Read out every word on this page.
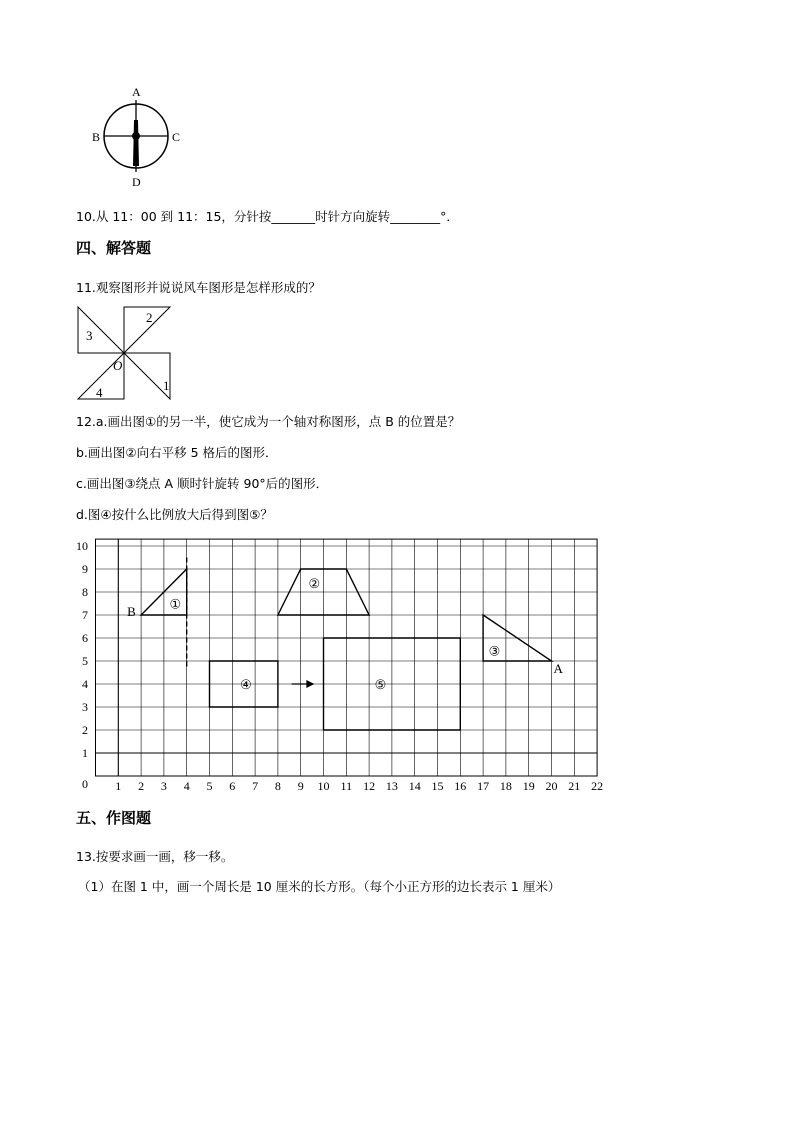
A
B	C
D
10.从 11：00 到 11：15，分针按_______时针方向旋转________°．
四、解答题
11.观察图形并说说风车图形是怎样形成的？
2
3
1
4
O
12.a.画出图①的另一半，使它成为一个轴对称图形，点 B 的位置是？
b.画出图②向右平移 5 格后的图形．
c.画出图③绕点 A 顺时针旋转 90°后的图形．
d.图④按什么比例放大后得到图⑤？
1 2 3 4 5 6 7 8 9 10 11 12 13 14 15 16 17 18 19 20 21 22
0
1
2
3
4
5
6
7
8
9
10
①
②
③
④	⑤
B
A
五、作图题
13.按要求画一画，移一移。
（1）在图 1 中，画一个周长是 10 厘米的长方形。（每个小正方形的边长表示 1 厘米）
